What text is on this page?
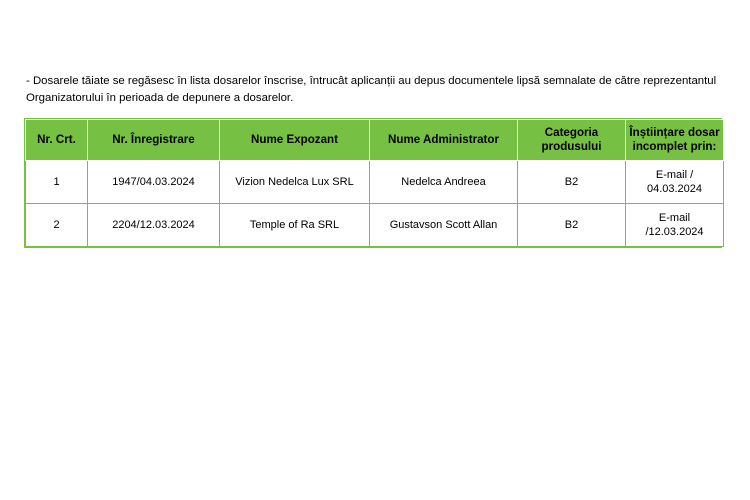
- Dosarele tăiate se regăsesc în lista dosarelor înscrise, întrucât aplicanții au depus documentele lipsă semnalate de către reprezentantul Organizatorului în perioada de depunere a dosarelor.

Nr. Crt.	Nr. Înregistrare	Nume Expozant	Nume Administrator	Categoria produsului	Înștiințare dosar incomplet prin:
1	1947/04.03.2024	Vizion Nedelca Lux SRL	Nedelca Andreea	B2	E-mail / 04.03.2024
2	2204/12.03.2024	Temple of Ra SRL	Gustavson Scott Allan	B2	E-mail /12.03.2024
